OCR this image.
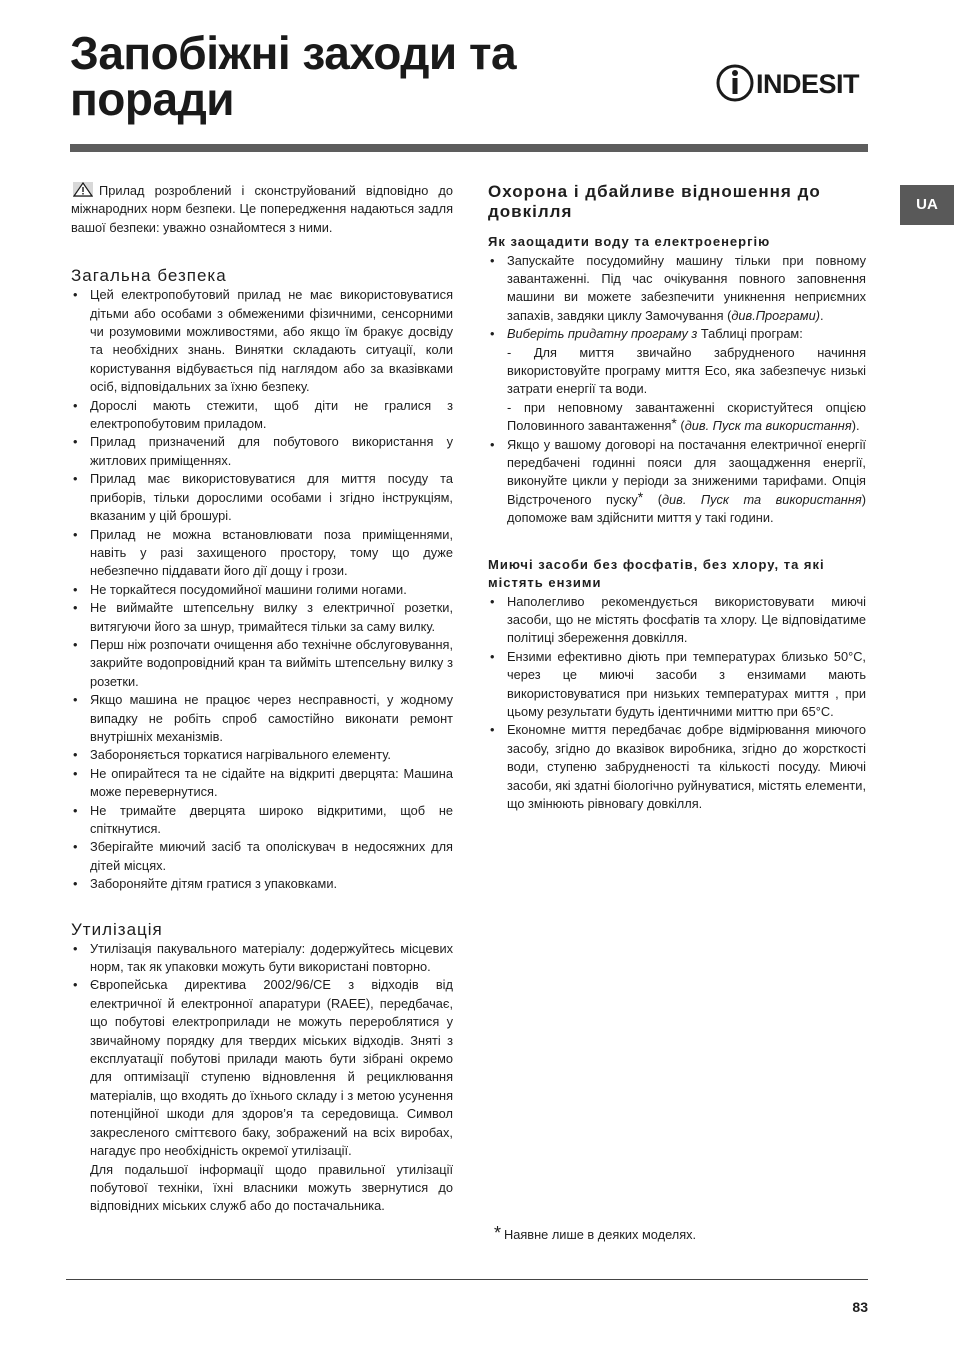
Запобіжні заходи та
поради	INDESIT
UA

Прилад розроблений і сконструйований відповідно до міжнародних норм безпеки. Це попередження надаються задля вашої безпеки: уважно ознайомтеся з ними.

Загальна безпека
• Цей електропобутовий прилад не має використовуватися дітьми або особами з обмеженими фізичними, сенсорними чи розумовими можливостями, або якщо їм бракує досвіду та необхідних знань. Винятки складають ситуації, коли користування відбувається під наглядом або за вказівками осіб, відповідальних за їхню безпеку.
• Дорослі мають стежити, щоб діти не гралися з електропобутовим приладом.
• Прилад призначений для побутового використання у житлових приміщеннях.
• Прилад має використовуватися для миття посуду та приборів, тільки дорослими особами і згідно інструкціям, вказаним у цій брошурі.
• Прилад не можна встановлювати поза приміщеннями, навіть у разі захищеного простору, тому що дуже небезпечно піддавати його дії дощу і грози.
• Не торкайтеся посудомийної машини голими ногами.
• Не виймайте штепсельну вилку з електричної розетки, витягуючи його за шнур, тримайтеся тільки за саму вилку.
• Перш ніж розпочати очищення або технічне обслуговування, закрийте водопровідний кран та вийміть штепсельну вилку з розетки.
• Якщо машина не працює через несправності, у жодному випадку не робіть спроб самостійно виконати ремонт внутрішніх механізмів.
• Забороняється торкатися нагрівального елементу.
• Не опирайтеся та не сідайте на відкриті дверцята: Машина може перевернутися.
• Не тримайте дверцята широко відкритими, щоб не спіткнутися.
• Зберігайте миючий засіб та ополіскувач в недосяжних для дітей місцях.
• Забороняйте дітям гратися з упаковками.
Утилізація
• Утилізація пакувального матеріалу: додержуйтесь місцевих норм, так як упаковки можуть бути використані повторно.
• Європейська директива 2002/96/CE з відходів від електричної й електронної апаратури (RAEE), передбачає, що побутові електроприлади не можуть перероблятися у звичайному порядку для твердих міських відходів. Зняті з експлуатації побутові прилади мають бути зібрані окремо для оптимізації ступеню відновлення й рециклювання матеріалів, що входять до їхнього складу і з метою усунення потенційної шкоди для здоров’я та середовища. Символ закресленого сміттєвого баку, зображений на всіх виробах, нагадує про необхідність окремої утилізації.
Для подальшої інформації щодо правильної утилізації побутової техніки, їхні власники можуть звернутися до відповідних міських служб або до постачальника.
Охорона і дбайливе відношення до довкілля
Як заощадити воду та електроенергію
• Запускайте посудомийну машину тільки при повному завантаженні. Під час очікування повного заповнення машини ви можете забезпечити уникнення неприємних запахів, завдяки циклу Замочування (див.Програми).
• Виберіть придатну програму з Таблиці програм:
- Для миття звичайно забрудненого начиння використовуйте програму миття Eco, яка забезпечує низькі затрати енергії та води.
- при неповному завантаженні скористуйтеся опцією Половинного завантаження* (див. Пуск та використання).
• Якщо у вашому договорі на постачання електричної енергії передбачені годинні пояси для заощадження енергії, виконуйте цикли у періоди за зниженими тарифами. Опція Відстроченого пуску* (див. Пуск та використання) допоможе вам здійснити миття у такі години.
Миючі засоби без фосфатів, без хлору, та які містять ензими
• Наполегливо рекомендується використовувати миючі засоби, що не містять фосфатів та хлору. Це відповідатиме політиці збереження довкілля.
• Ензими ефективно діють при температурах близько 50°C, через це миючі засоби з ензимами мають використовуватися при низьких температурах миття , при цьому результати будуть ідентичними миттю при 65°C.
• Економне миття передбачає добре відмірювання миючого засобу, згідно до вказівок виробника, згідно до жорсткості води, ступеню забрудненості та кількості посуду. Миючі засоби, які здатні біологічно руйнуватися, містять елементи, що змінюють рівновагу довкілля.
* Наявне лише в деяких моделях.
83
